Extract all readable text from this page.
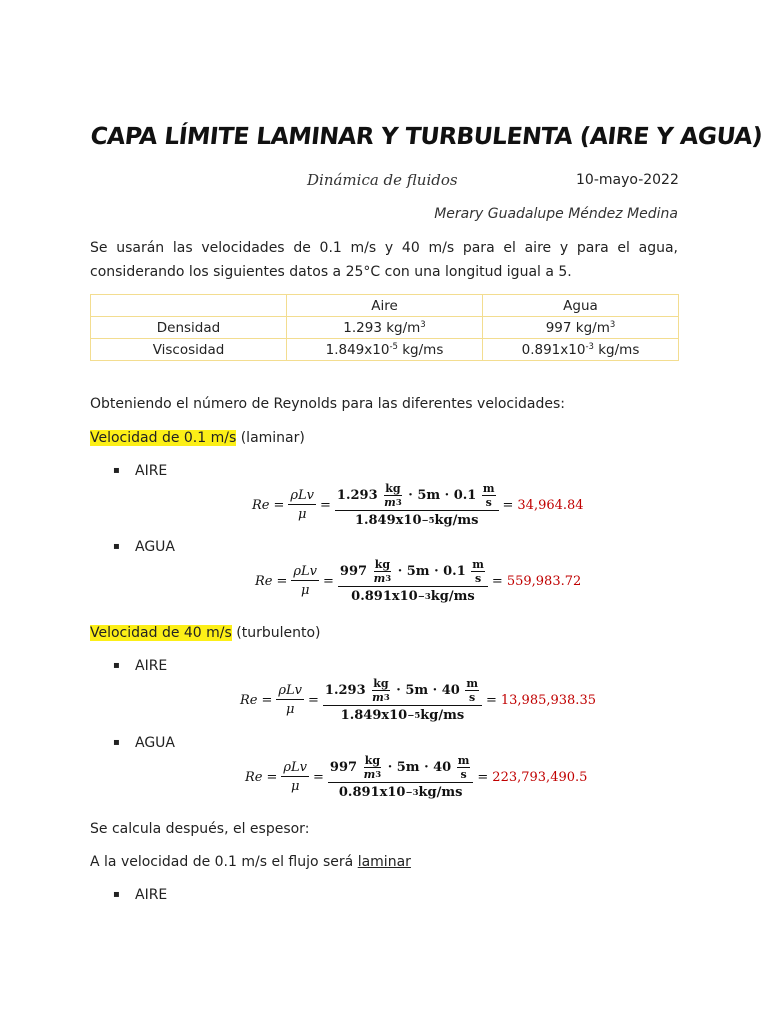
CAPA LÍMITE LAMINAR Y TURBULENTA (AIRE Y AGUA)
Dinámica de fluidos	10-mayo-2022
Merary Guadalupe Méndez Medina
Se usarán las velocidades de 0.1 m/s y 40 m/s para el aire y para el agua, considerando los siguientes datos a 25°C con una longitud igual a 5.
	Aire	Agua
Densidad	1.293 $kg/m^3$	997 $kg/m^3$
Viscosidad	$1.849x10^{-5}$ kg/ms	$0.891x10^{-3}$ kg/ms
Obteniendo el número de Reynolds para las diferentes velocidades:
Velocidad de 0.1 m/s (laminar)
▪ AIRE
$Re = \frac{\text{ρLv}}{\mu} = 1.293$
$\frac{kg}{m 3}$
· 5m ·
0.1
$\frac{m}{s}$
1.849x10 −5 kg/ms = 34,964.84
▪ AGUA
$Re = \frac{\text{ρLv}}{\mu} = 997$
$\frac{kg}{m 3}$
· 5m ·
0.1
$\frac{m}{s}$
0.891x10 −3 kg/ms = 559,983.72
Velocidad de 40 m/s (turbulento)
▪ AIRE
$Re = \frac{\text{ρLv}}{\mu} = 1.293$
$\frac{kg}{m 3}$
· 5m ·
40
$\frac{m}{s}$
1.849x10 −5 kg/ms = 13,985,938.35
▪ AGUA
$Re = \frac{\text{ρLv}}{\mu} = 997$
$\frac{kg}{m 3}$
· 5m ·
40
$\frac{m}{s}$
0.891x10 −3 kg/ms = 223,793,490.5
Se calcula después, el espesor:
A la velocidad de 0.1 m/s el flujo será laminar
▪ AIRE
